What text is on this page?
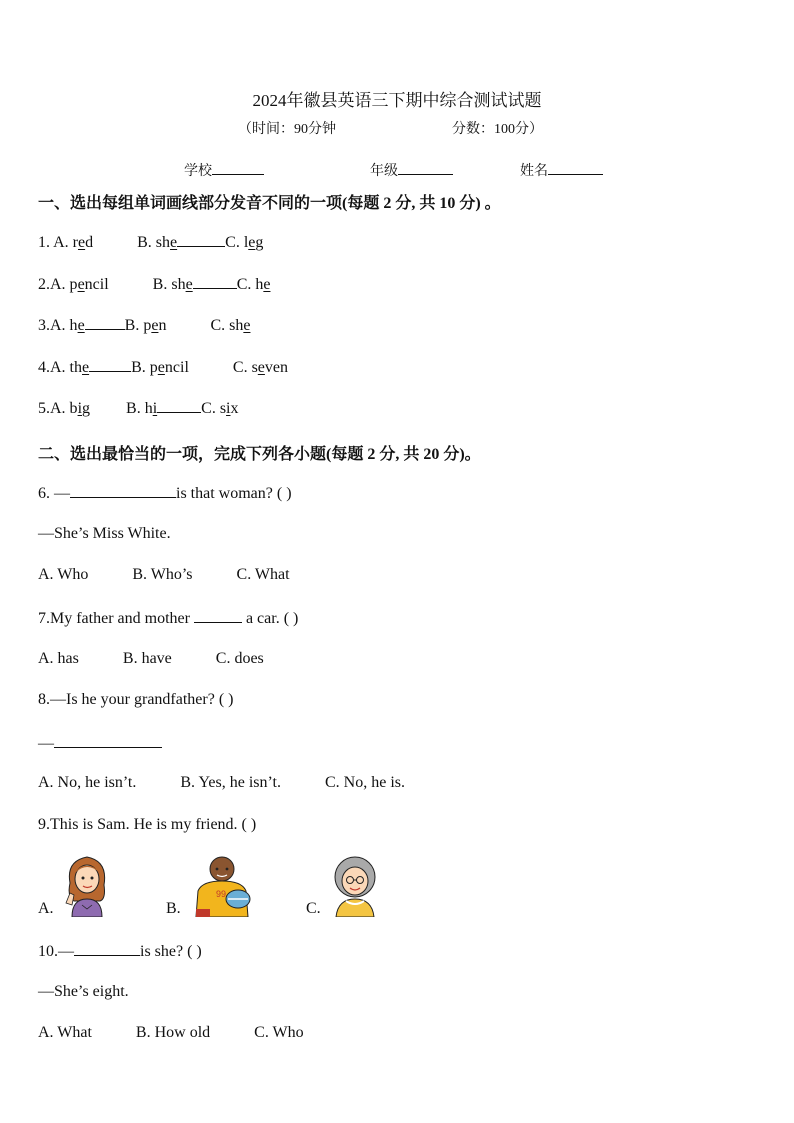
2024年徽县英语三下期中综合测试试题
（时间：90分钟	分数：100分）
学校	年级	姓名
一、选出每组单词画线部分发音不同的一项(每题 2 分, 共 10 分) 。
1. A. red	B. she	C. leg
2.A. pencil	B. she	C. he
3.A. he	B. pen	C. she
4.A. the	B. pencil	C. seven
5.A. big B. hi	C. six
二、选出最恰当的一项，完成下列各小题(每题 2 分, 共 20 分)。
6. —	is that woman? ( )
—She’s Miss White.
A. Who	B. Who’s	C. What
7.My father and mother	a car. ( )
A. has	B. have	C. does
8.—Is he your grandfather? ( )
—
A. No, he isn’t.	B. Yes, he isn’t.	C. No, he is.
9.This is Sam. He is my friend. ( )
A.	B.
99
C.
10.—	is she? ( )
—She’s eight.
A. What	B. How old	C. Who
